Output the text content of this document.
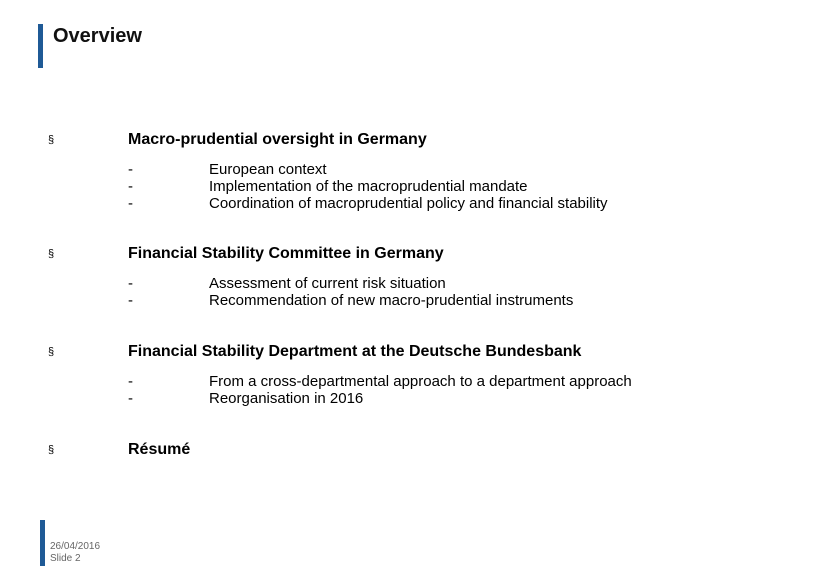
Overview
§	Macro-prudential oversight in Germany
-	European context
-	Implementation of the macroprudential mandate
-	Coordination of macroprudential policy and financial stability
§	Financial Stability Committee in Germany
-	Assessment of current risk situation
-	Recommendation of new macro-prudential instruments
§	Financial Stability Department at the Deutsche Bundesbank
-	From a cross-departmental approach to a department approach
-	Reorganisation in 2016
§	Résumé
26/04/2016
Slide 2
